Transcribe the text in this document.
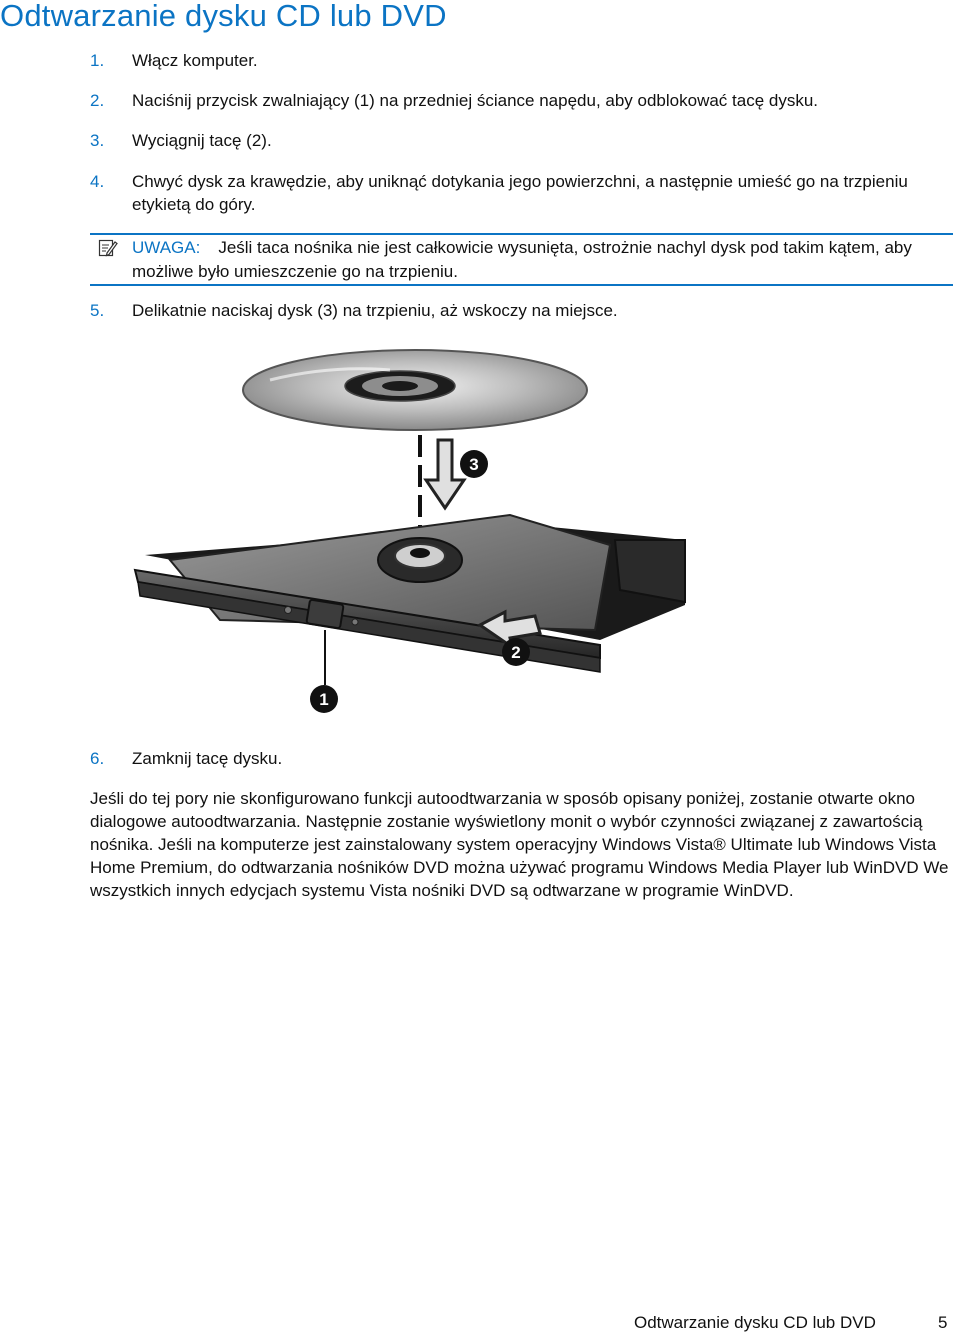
Odtwarzanie dysku CD lub DVD
1. Włącz komputer.
2. Naciśnij przycisk zwalniający (1) na przedniej ściance napędu, aby odblokować tacę dysku.
3. Wyciągnij tacę (2).
4. Chwyć dysk za krawędzie, aby uniknąć dotykania jego powierzchni, a następnie umieść go na trzpieniu etykietą do góry.
UWAGA: Jeśli taca nośnika nie jest całkowicie wysunięta, ostrożnie nachyl dysk pod takim kątem, aby możliwe było umieszczenie go na trzpieniu.
5. Delikatnie naciskaj dysk (3) na trzpieniu, aż wskoczy na miejsce.
1
2
3
6. Zamknij tacę dysku.

Jeśli do tej pory nie skonfigurowano funkcji autoodtwarzania w sposób opisany poniżej, zostanie otwarte okno dialogowe autoodtwarzania. Następnie zostanie wyświetlony monit o wybór czynności związanej z zawartością nośnika. Jeśli na komputerze jest zainstalowany system operacyjny Windows Vista® Ultimate lub Windows Vista Home Premium, do odtwarzania nośników DVD można używać programu Windows Media Player lub WinDVD We wszystkich innych edycjach systemu Vista nośniki DVD są odtwarzane w programie WinDVD.

Odtwarzanie dysku CD lub DVD	5
